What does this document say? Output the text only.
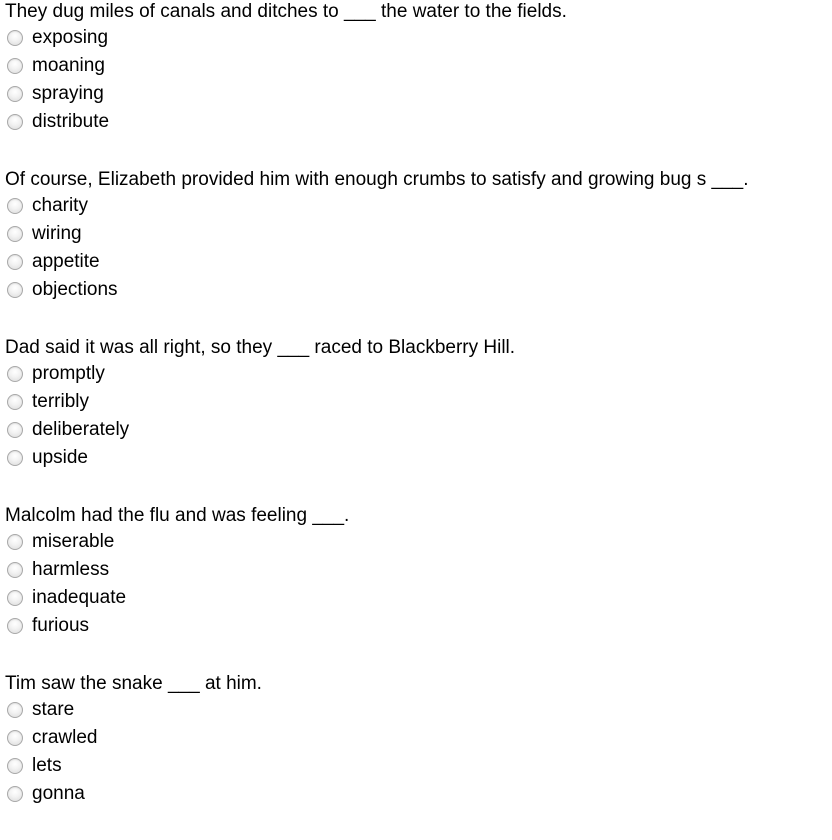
They dug miles of canals and ditches to ___ the water to the fields.
exposing
moaning
spraying
distribute
Of course, Elizabeth provided him with enough crumbs to satisfy and growing bug s ___.
charity
wiring
appetite
objections
Dad said it was all right, so they ___ raced to Blackberry Hill.
promptly
terribly
deliberately
upside
Malcolm had the flu and was feeling ___.
miserable
harmless
inadequate
furious
Tim saw the snake ___ at him.
stare
crawled
lets
gonna
